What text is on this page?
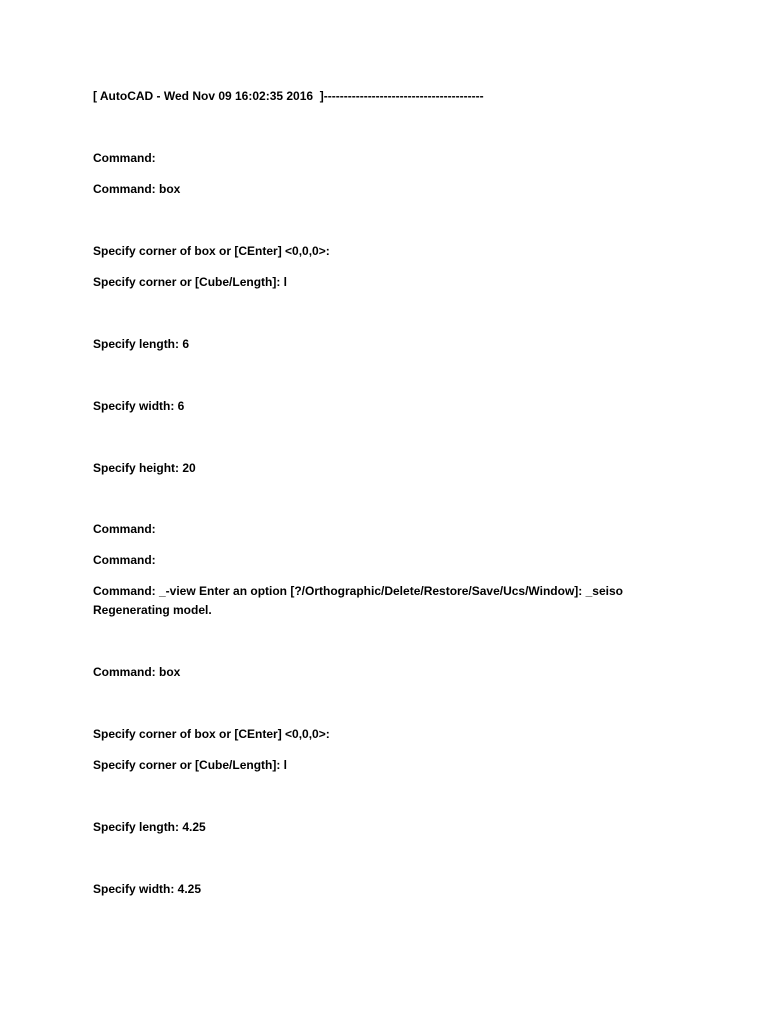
[ AutoCAD - Wed Nov 09 16:02:35 2016  ]----------------------------------------
Command:
Command: box
Specify corner of box or [CEnter] <0,0,0>:
Specify corner or [Cube/Length]: l
Specify length: 6
Specify width: 6
Specify height: 20
Command:
Command:
Command: _-view Enter an option [?/Orthographic/Delete/Restore/Save/Ucs/Window]: _seiso
Regenerating model.
Command: box
Specify corner of box or [CEnter] <0,0,0>:
Specify corner or [Cube/Length]: l
Specify length: 4.25
Specify width: 4.25
